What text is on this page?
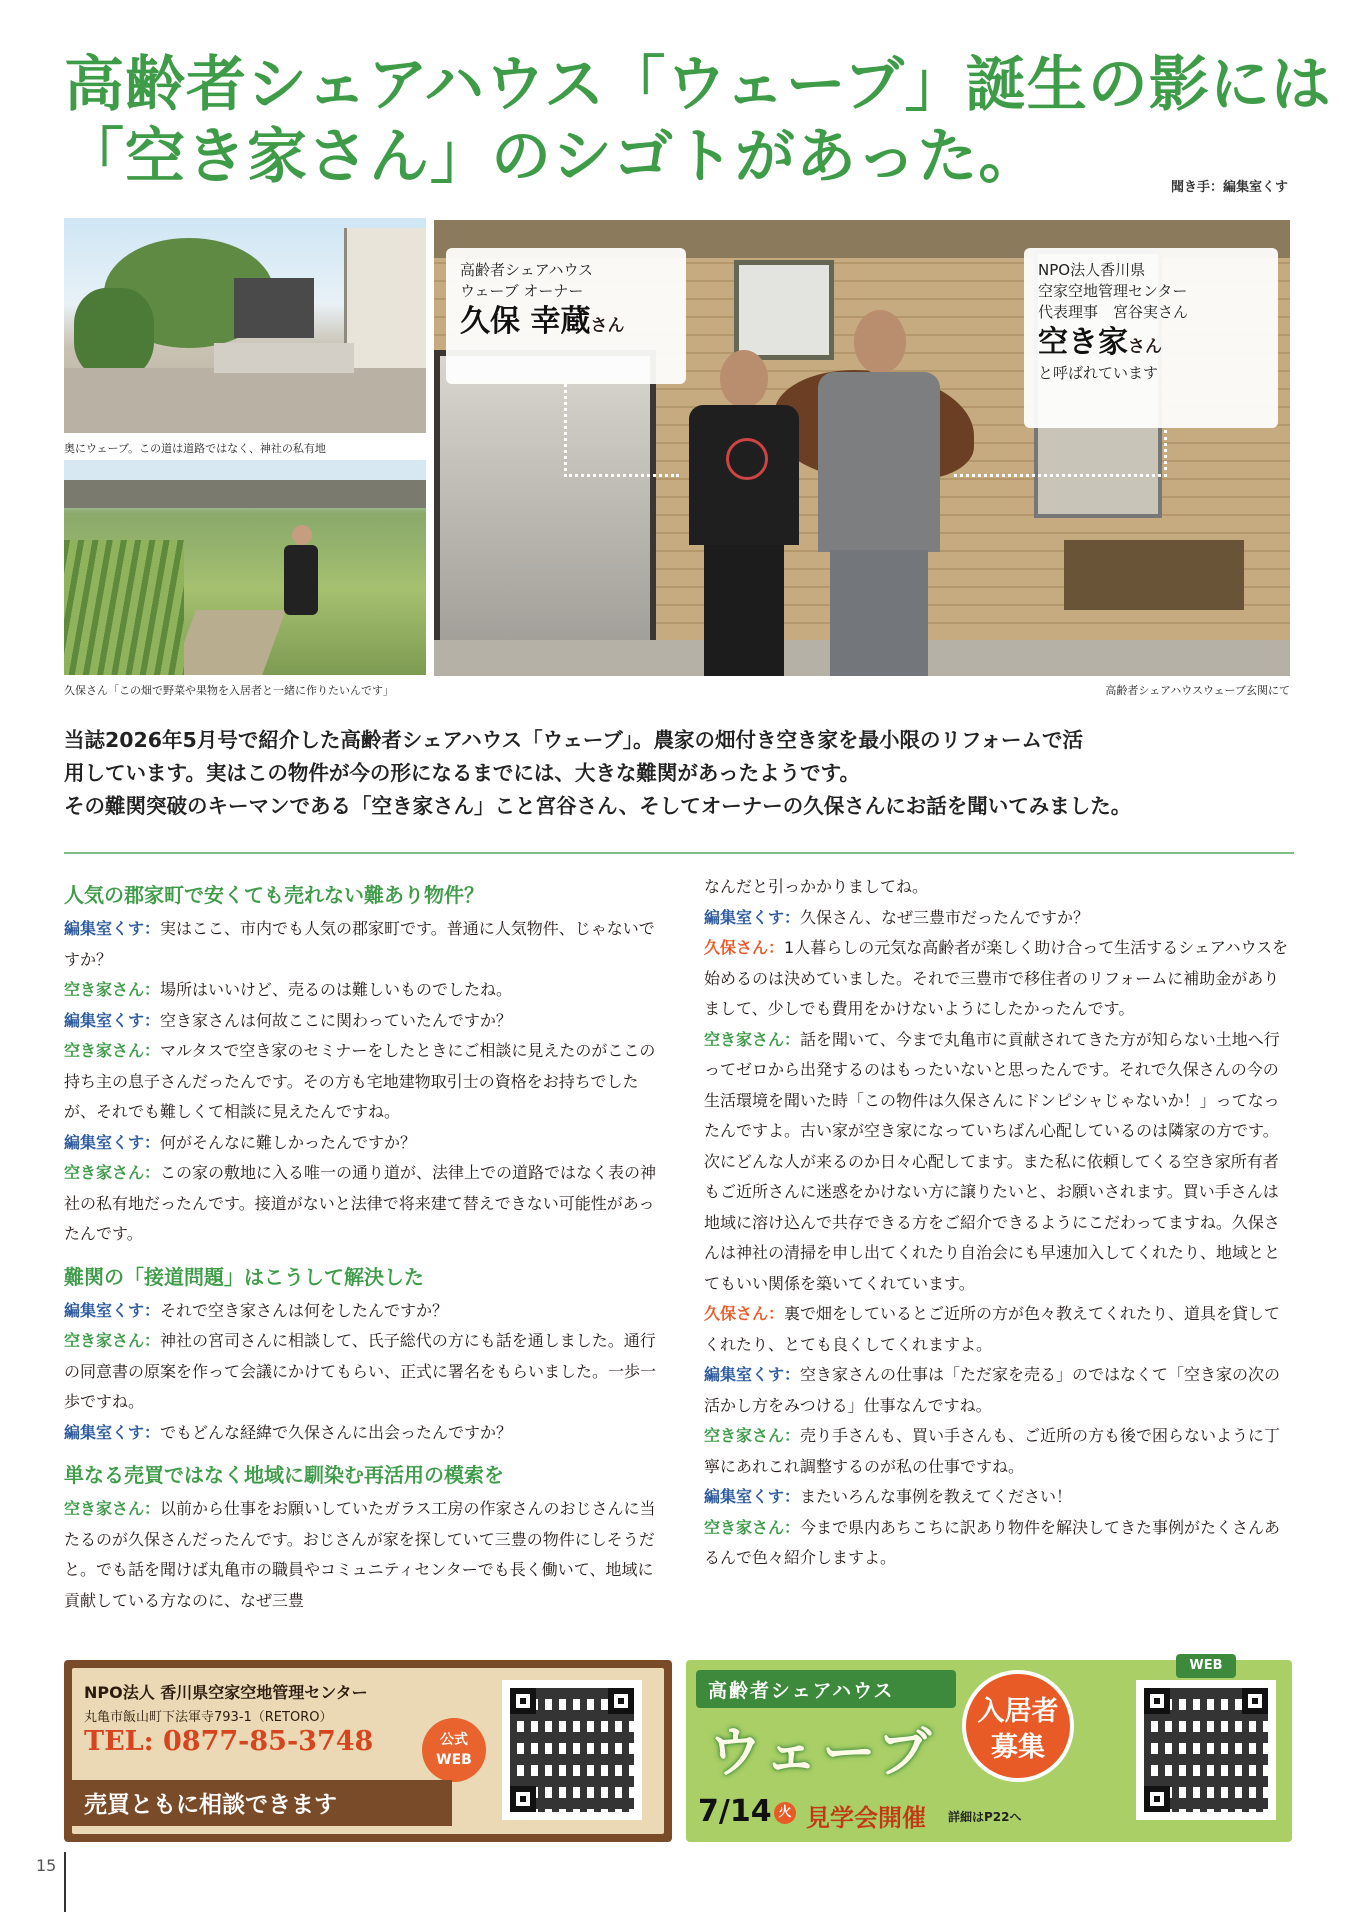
高齢者シェアハウス「ウェーブ」誕生の影には
「空き家さん」のシゴトがあった。	聞き手：編集室くす
奥にウェーブ。この道は道路ではなく、神社の私有地
久保さん「この畑で野菜や果物を入居者と一緒に作りたいんです」
高齢者シェアハウス
ウェーブ オーナー
久保 幸蔵さん
NPO法人香川県
空家空地管理センター
代表理事　宮谷実さん
空き家さん
と呼ばれています
高齢者シェアハウスウェーブ玄関にて
当誌2026年5月号で紹介した高齢者シェアハウス「ウェーブ」。農家の畑付き空き家を最小限のリフォームで活
用しています。実はこの物件が今の形になるまでには、大きな難関があったようです。
その難関突破のキーマンである「空き家さん」こと宮谷さん、そしてオーナーの久保さんにお話を聞いてみました。
人気の郡家町で安くても売れない難あり物件？

編集室くす：実はここ、市内でも人気の郡家町です。普通に人気物件、じゃないですか？

空き家さん：場所はいいけど、売るのは難しいものでしたね。

編集室くす：空き家さんは何故ここに関わっていたんですか？

空き家さん：マルタスで空き家のセミナーをしたときにご相談に見えたのがここの持ち主の息子さんだったんです。その方も宅地建物取引士の資格をお持ちでしたが、それでも難しくて相談に見えたんですね。

編集室くす：何がそんなに難しかったんですか？

空き家さん：この家の敷地に入る唯一の通り道が、法律上での道路ではなく表の神社の私有地だったんです。接道がないと法律で将来建て替えできない可能性があったんです。

難関の「接道問題」はこうして解決した

編集室くす：それで空き家さんは何をしたんですか？

空き家さん：神社の宮司さんに相談して、氏子総代の方にも話を通しました。通行の同意書の原案を作って会議にかけてもらい、正式に署名をもらいました。一歩一歩ですね。

編集室くす：でもどんな経緯で久保さんに出会ったんですか？

単なる売買ではなく地域に馴染む再活用の模索を

空き家さん：以前から仕事をお願いしていたガラス工房の作家さんのおじさんに当たるのが久保さんだったんです。おじさんが家を探していて三豊の物件にしそうだと。でも話を聞けば丸亀市の職員やコミュニティセンターでも長く働いて、地域に貢献している方なのに、なぜ三豊

なんだと引っかかりましてね。

編集室くす：久保さん、なぜ三豊市だったんですか？

久保さん：1人暮らしの元気な高齢者が楽しく助け合って生活するシェアハウスを始めるのは決めていました。それで三豊市で移住者のリフォームに補助金がありまして、少しでも費用をかけないようにしたかったんです。

空き家さん：話を聞いて、今まで丸亀市に貢献されてきた方が知らない土地へ行ってゼロから出発するのはもったいないと思ったんです。それで久保さんの今の生活環境を聞いた時「この物件は久保さんにドンピシャじゃないか！」ってなったんですよ。古い家が空き家になっていちばん心配しているのは隣家の方です。次にどんな人が来るのか日々心配してます。また私に依頼してくる空き家所有者もご近所さんに迷惑をかけない方に譲りたいと、お願いされます。買い手さんは地域に溶け込んで共存できる方をご紹介できるようにこだわってますね。久保さんは神社の清掃を申し出てくれたり自治会にも早速加入してくれたり、地域ととてもいい関係を築いてくれています。

久保さん：裏で畑をしているとご近所の方が色々教えてくれたり、道具を貸してくれたり、とても良くしてくれますよ。

編集室くす：空き家さんの仕事は「ただ家を売る」のではなくて「空き家の次の活かし方をみつける」仕事なんですね。

空き家さん：売り手さんも、買い手さんも、ご近所の方も後で困らないように丁寧にあれこれ調整するのが私の仕事ですね。

編集室くす：またいろんな事例を教えてください！

空き家さん：今まで県内あちこちに訳あり物件を解決してきた事例がたくさんあるんで色々紹介しますよ。

NPO法人 香川県空家空地管理センター
丸亀市飯山町下法軍寺793-1（RETORO）
TEL: 0877-85-3748	公式
WEB
売買ともに相談できます
高齢者シェアハウス
ウェーブ
入居者
募集
7/14 火 見学会開催 詳細はP22へ
WEB
15
